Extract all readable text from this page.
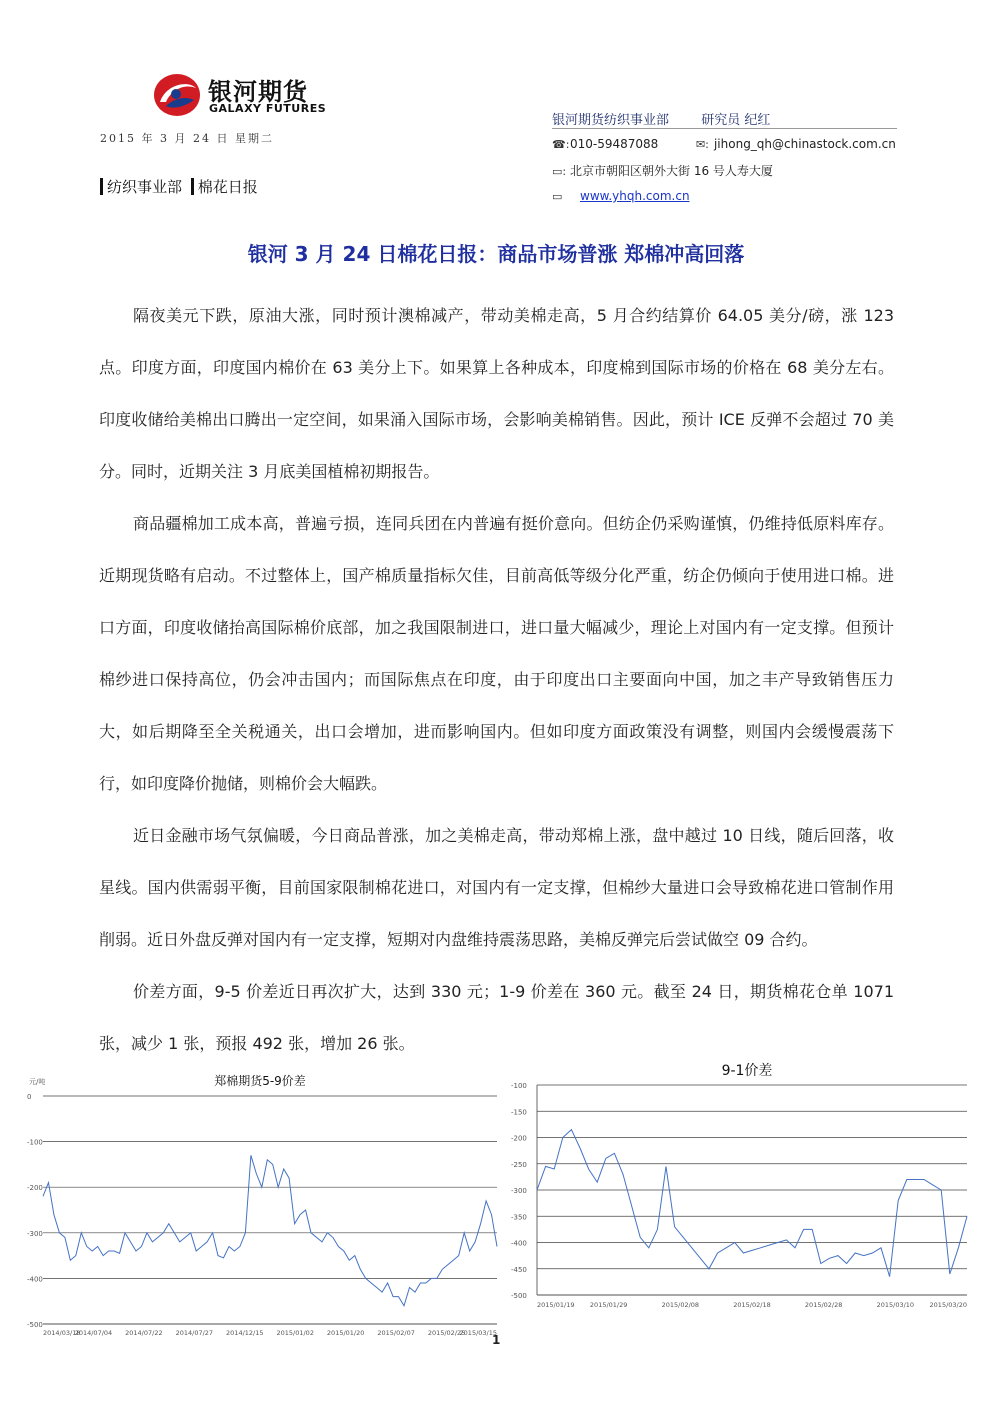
银河期货
GALAXY FUTURES
2015 年 3 月 24 日 星期二
纺织事业部 棉花日报
银河期货纺织事业部 研究员 纪红
☎:010-59487088	✉: jihong_qh@chinastock.com.cn
▭: 北京市朝阳区朝外大街 16 号人寿大厦
▭ www.yhqh.com.cn
银河 3 月 24 日棉花日报：商品市场普涨 郑棉冲高回落
隔夜美元下跌，原油大涨，同时预计澳棉减产，带动美棉走高，5 月合约结算价 64.05 美分/磅，涨 123 点。印度方面，印度国内棉价在 63 美分上下。如果算上各种成本，印度棉到国际市场的价格在 68 美分左右。印度收储给美棉出口腾出一定空间，如果涌入国际市场，会影响美棉销售。因此，预计 ICE 反弹不会超过 70 美分。同时，近期关注 3 月底美国植棉初期报告。
商品疆棉加工成本高，普遍亏损，连同兵团在内普遍有挺价意向。但纺企仍采购谨慎，仍维持低原料库存。近期现货略有启动。不过整体上，国产棉质量指标欠佳，目前高低等级分化严重，纺企仍倾向于使用进口棉。进口方面，印度收储抬高国际棉价底部，加之我国限制进口，进口量大幅减少，理论上对国内有一定支撑。但预计棉纱进口保持高位，仍会冲击国内；而国际焦点在印度，由于印度出口主要面向中国，加之丰产导致销售压力大，如后期降至全关税通关，出口会增加，进而影响国内。但如印度方面政策没有调整，则国内会缓慢震荡下行，如印度降价抛储，则棉价会大幅跌。
近日金融市场气氛偏暖，今日商品普涨，加之美棉走高，带动郑棉上涨，盘中越过 10 日线，随后回落，收星线。国内供需弱平衡，目前国家限制棉花进口，对国内有一定支撑，但棉纱大量进口会导致棉花进口管制作用削弱。近日外盘反弹对国内有一定支撑，短期对内盘维持震荡思路，美棉反弹完后尝试做空 09 合约。
价差方面，9-5 价差近日再次扩大，达到 330 元；1-9 价差在 360 元。截至 24 日，期货棉花仓单 1071 张，减少 1 张，预报 492 张，增加 26 张。
郑棉期货5-9价差
元/吨
0
-100
-200
-300
-400
-500
2014/03/18
2014/07/04 2014/07/22 2014/07/27 2014/12/15 2015/01/02 2015/01/20 2015/02/07 2015/02/25
2015/03/15
9-1价差
-100
-150
-200
-250
-300
-350
-400
-450
-500
2015/01/19 2015/01/29	2015/02/08	2015/02/18	2015/02/28	2015/03/10 2015/03/20
1
